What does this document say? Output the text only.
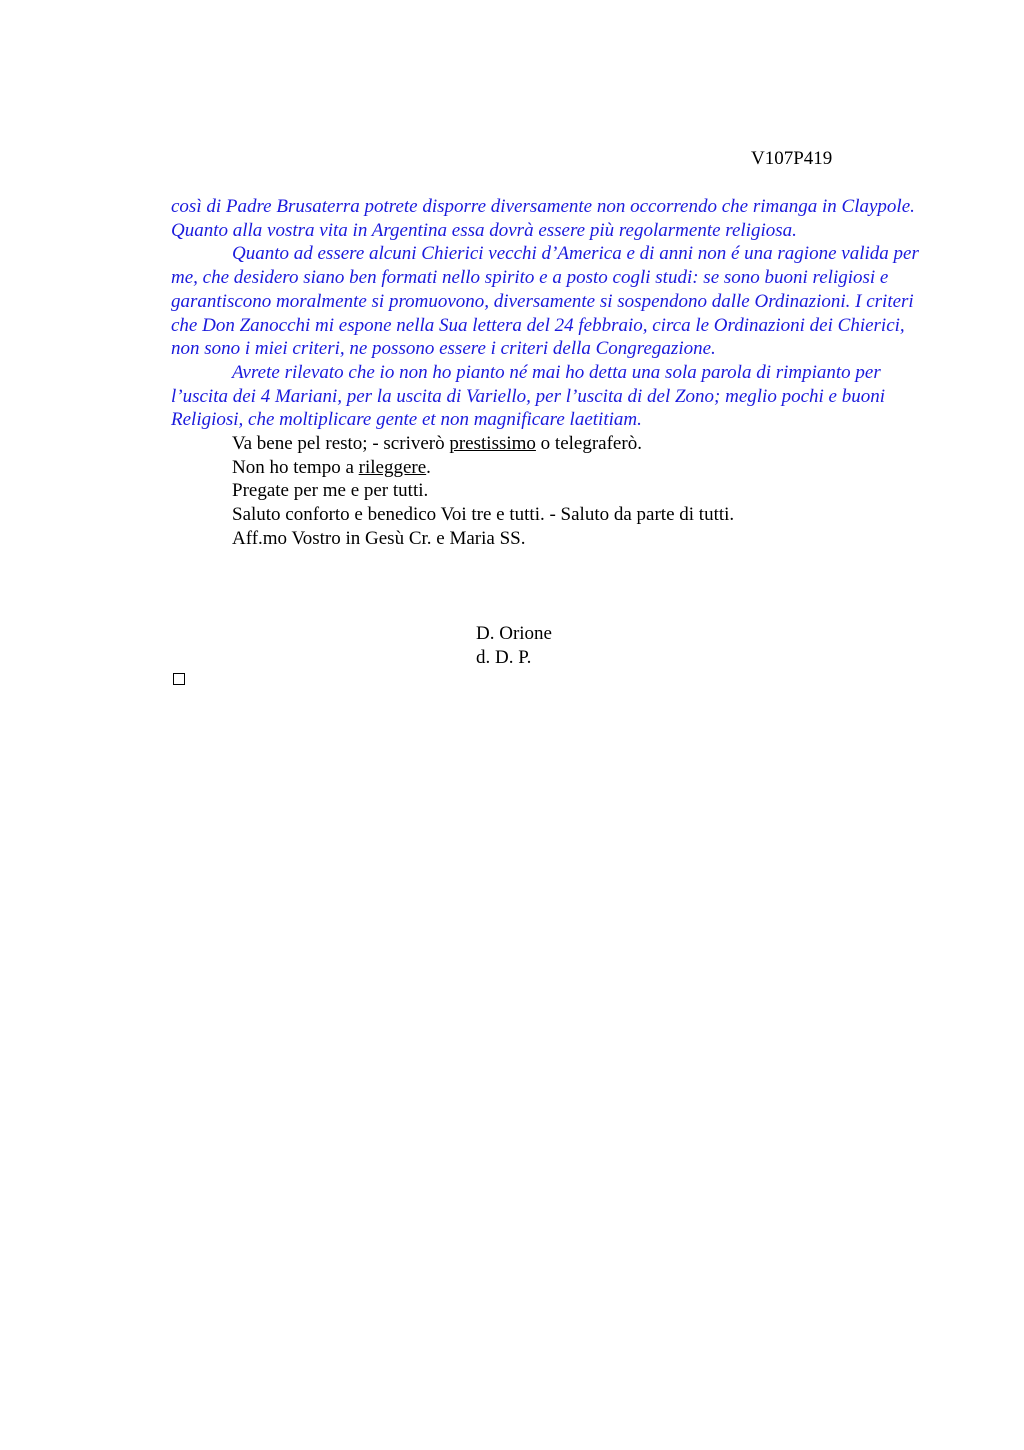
V107P419

così di Padre Brusaterra potrete disporre diversamente non occorrendo che rimanga in Claypole. Quanto alla vostra vita in Argentina essa dovrà essere più regolarmente religiosa.

Quanto ad essere alcuni Chierici vecchi d’America e di anni non é una ragione valida per me, che desidero siano ben formati nello spirito e a posto cogli studi: se sono buoni religiosi e garantiscono moralmente si promuovono, diversamente si sospendono dalle Ordinazioni. I criteri che Don Zanocchi mi espone nella Sua lettera del 24 febbraio, circa le Ordinazioni dei Chierici, non sono i miei criteri, ne possono essere i criteri della Congregazione.

Avrete rilevato che io non ho pianto né mai ho detta una sola parola di rimpianto per l’uscita dei 4 Mariani, per la uscita di Variello, per l’uscita di del Zono; meglio pochi e buoni Religiosi, che moltiplicare gente et non magnificare laetitiam.

Va bene pel resto; - scriverò prestissimo o telegraferò.

Non ho tempo a rileggere.

Pregate per me e per tutti.

Saluto conforto e benedico Voi tre e tutti. - Saluto da parte di tutti.

Aff.mo Vostro in Gesù Cr. e Maria SS.

D. Orione
d. D. P.
